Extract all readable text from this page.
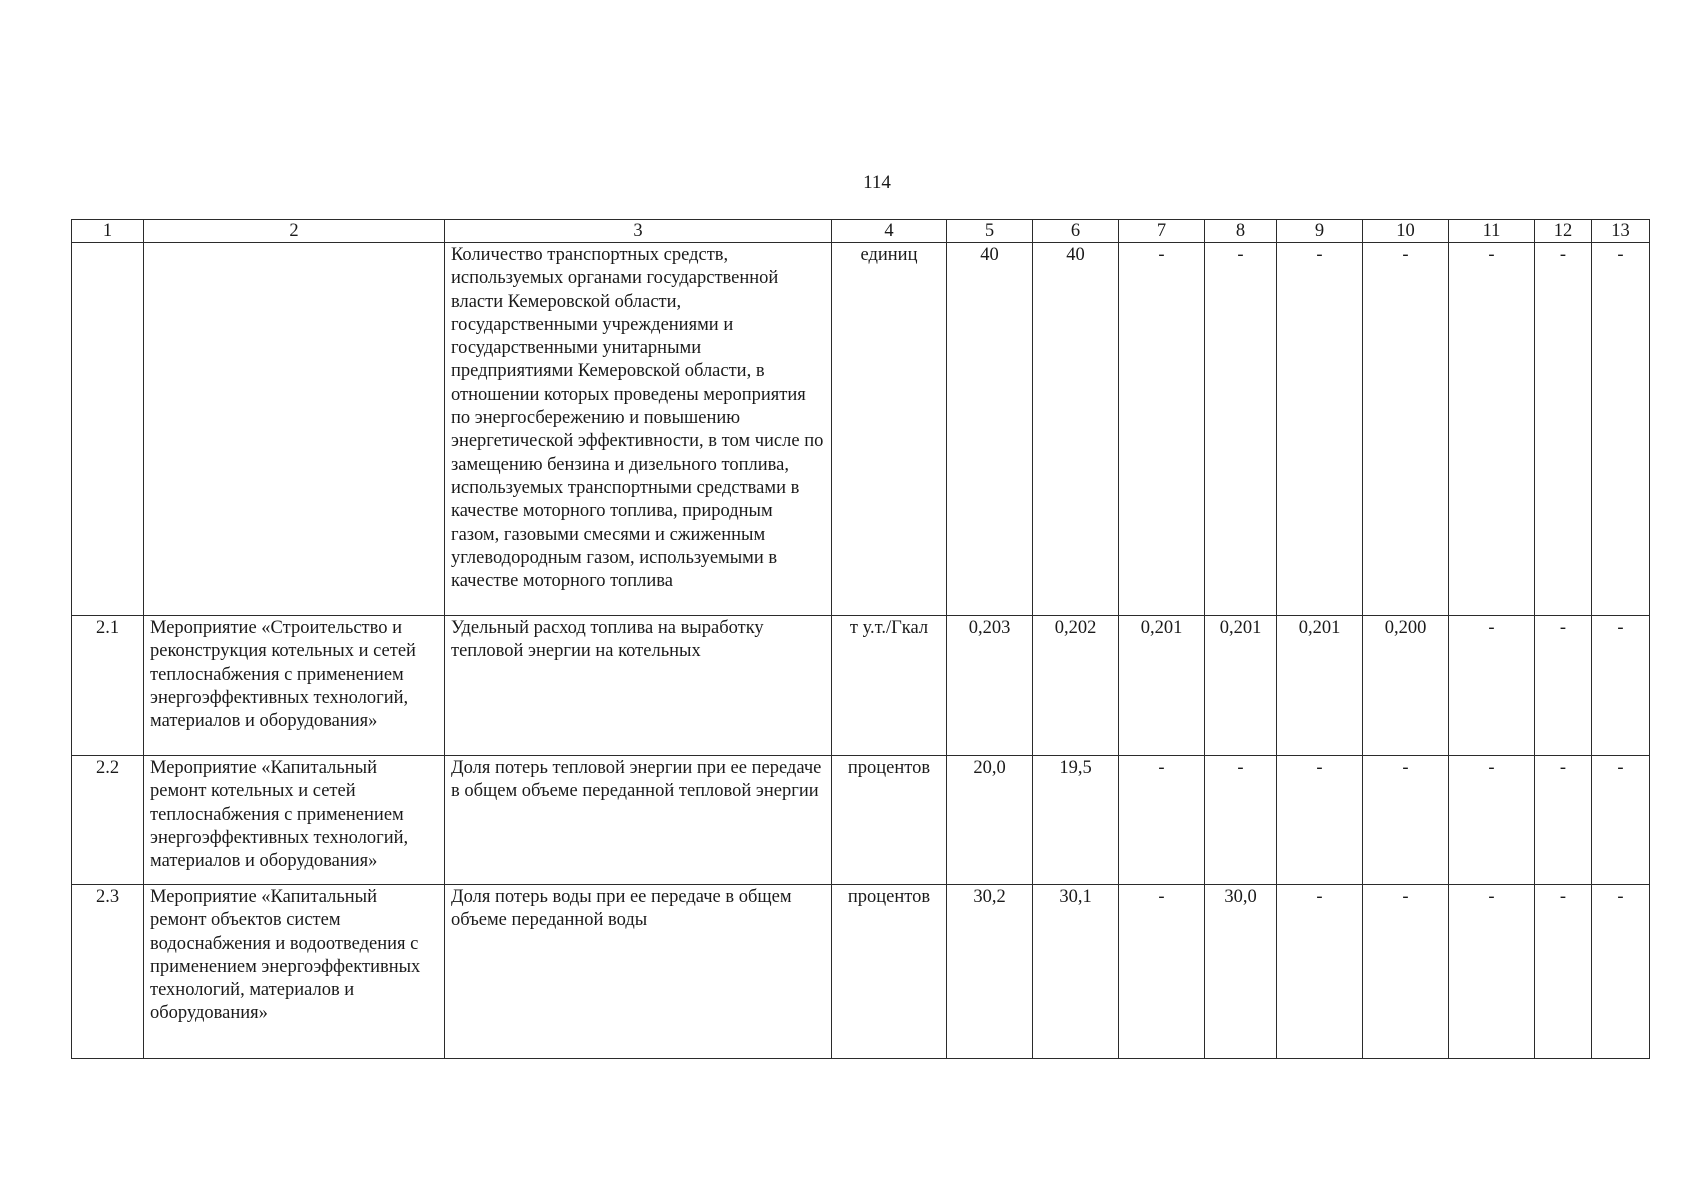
114
1	2	3	4	5	6	7	8	9	10	11	12	13
		Количество транспортных средств, используемых органами государственной власти Кемеровской области, государственными учреждениями и государственными унитарными предприятиями Кемеровской области, в отношении которых проведены мероприятия по энергосбережению и повышению энергетической эффективности, в том числе по замещению бензина и дизельного топлива, используемых транспортными средствами в качестве моторного топлива, природным газом, газовыми смесями и сжиженным углеводородным газом, используемыми в качестве моторного топлива	единиц	40	40	-	-	-	-	-	-	-
2.1	Мероприятие «Строительство и реконструкция котельных и сетей теплоснабжения с применением энергоэффективных технологий, материалов и оборудования»	Удельный расход топлива на выработку тепловой энергии на котельных	т у.т./Гкал	0,203	0,202	0,201	0,201	0,201	0,200	-	-	-
2.2	Мероприятие «Капитальный ремонт котельных и сетей теплоснабжения с применением энергоэффективных технологий, материалов и оборудования»	Доля потерь тепловой энергии при ее передаче в общем объеме переданной тепловой энергии	процентов	20,0	19,5	-	-	-	-	-	-	-
2.3	Мероприятие «Капитальный ремонт объектов систем водоснабжения и водоотведения с применением энергоэффективных технологий, материалов и оборудования»	Доля потерь воды при ее передаче в общем объеме переданной воды	процентов	30,2	30,1	-	30,0	-	-	-	-	-
